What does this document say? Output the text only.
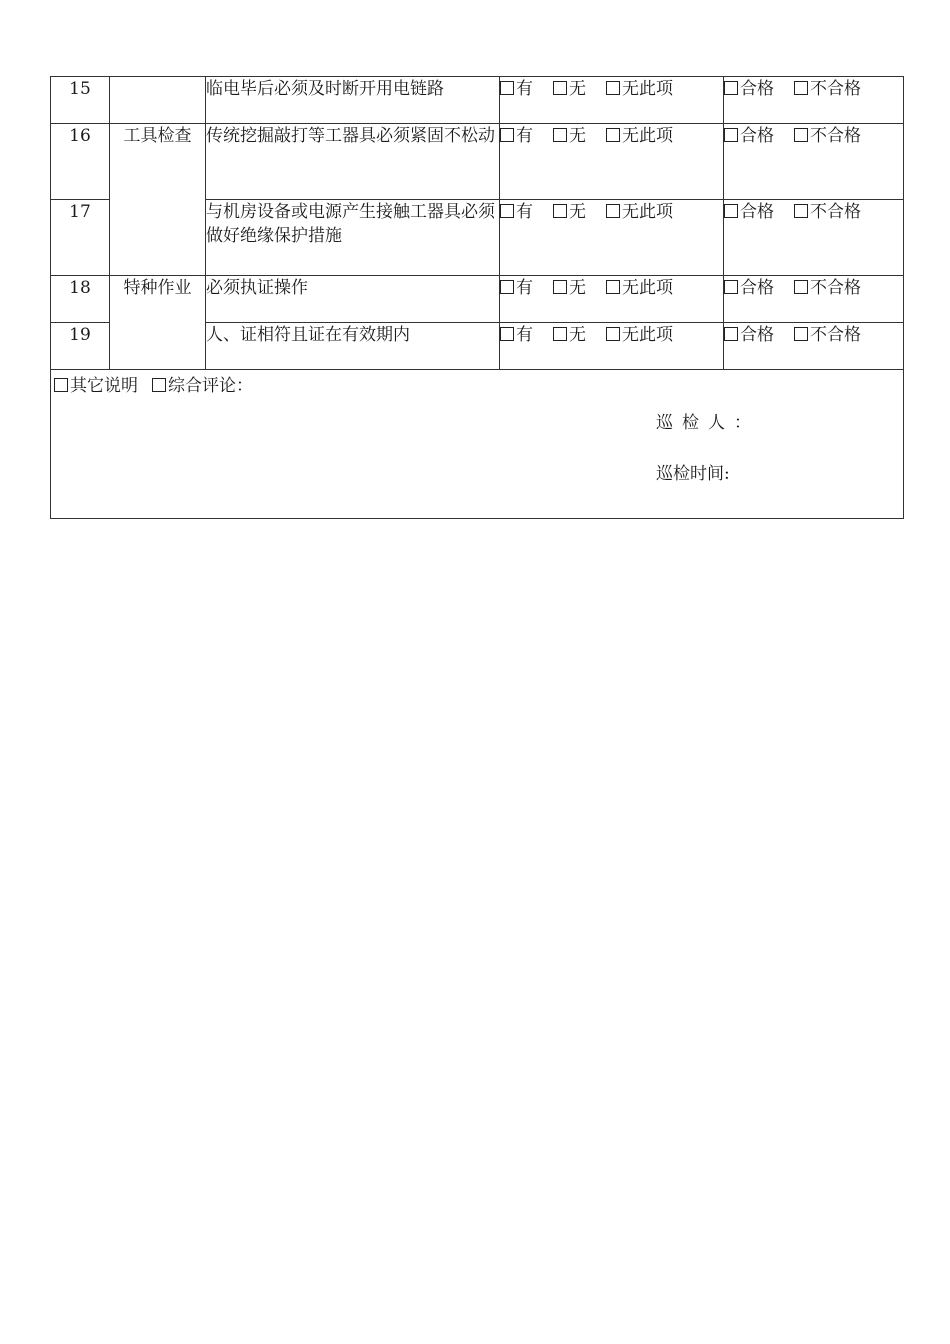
15		临电毕后必须及时断开用电链路	有 无 无此项	合格 不合格
16	工具检查	传统挖掘敲打等工器具必须紧固不松动	有 无 无此项	合格 不合格
17		与机房设备或电源产生接触工器具必须做好绝缘保护措施	有 无 无此项	合格 不合格
18	特种作业	必须执证操作	有 无 无此项	合格 不合格
19		人、证相符且证在有效期内	有 无 无此项	合格 不合格

其它说明 综合评论：
巡检人：
巡检时间:				
